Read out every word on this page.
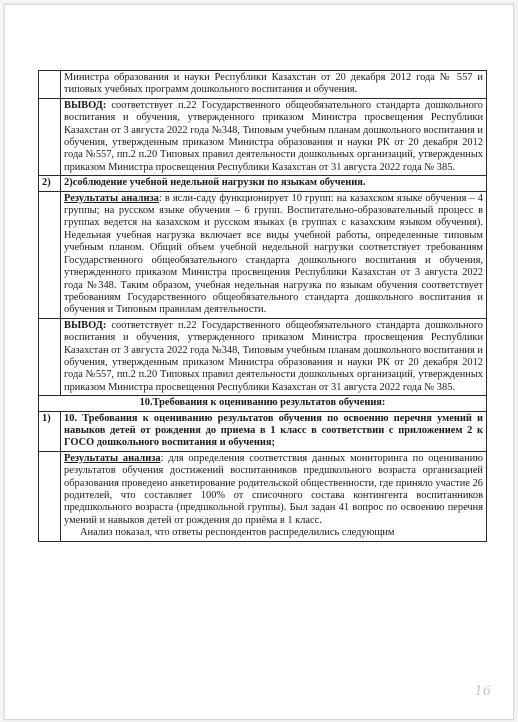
	Министра образования и науки Республики Казахстан от 20 декабря 2012 года № 557 и типовых учебных программ дошкольного воспитания и обучения.
	ВЫВОД: соответствует п.22 Государственного общеобязательного стандарта дошкольного воспитания и обучения, утвержденного приказом Министра просвещения Республики Казахстан от 3 августа 2022 года №348, Типовым учебным планам дошкольного воспитания и обучения, утвержденным приказом Министра образования и науки РК от 20 декабря 2012 года №557, пп.2 п.20 Типовых правил деятельности дошкольных организаций, утвержденных приказом Министра просвещения Республики Казахстан от 31 августа 2022 года № 385.
2)	2)соблюдение учебной недельной нагрузки по языкам обучения.
	Результаты анализа: в ясли-саду функционирует 10 групп: на казахском языке обучения – 4 группы; на русском языке обучения – 6 групп. Воспитательно-образовательный процесс в группах ведется на казахском и русском языках (в группах с казахским языком обучения). Недельная учебная нагрузка включает все виды учебной работы, определенные типовым учебным планом. Общий объем учебной недельной нагрузки соответствует требованиям Государственного общеобязательного стандарта дошкольного воспитания и обучения, утвержденного приказом Министра просвещения Республики Казахстан от 3 августа 2022 года №348. Таким образом, учебная недельная нагрузка по языкам обучения соответствует требованиям Государственного общеобязательного стандарта дошкольного воспитания и обучения и Типовым правилам деятельности.
	ВЫВОД: соответствует п.22 Государственного общеобязательного стандарта дошкольного воспитания и обучения, утвержденного приказом Министра просвещения Республики Казахстан от 3 августа 2022 года №348, Типовым учебным планам дошкольного воспитания и обучения, утвержденным приказом Министра образования и науки РК от 20 декабря 2012 года №557, пп.2 п.20 Типовых правил деятельности дошкольных организаций, утвержденных приказом Министра просвещения Республики Казахстан от 31 августа 2022 года № 385.
10.Требования к оцениванию результатов обучения:	
1)	10. Требования к оцениванию результатов обучения по освоению перечня умений и навыков детей от рождения до приема в 1 класс в соответствии с приложением 2 к ГОСО дошкольного воспитания и обучения;

	Результаты анализа: для определения соответствия данных мониторинга по оцениванию результатов обучения достижений воспитанников предшкольного возраста организацией образования проведено анкетирование родительской общественности, где приняло участие 26 родителей, что составляет 100% от списочного состава контингента воспитанников предшкольного возраста (предшкольной группы). Был задан 41 вопрос по освоению перечня умений и навыков детей от рождения до приёма в 1 класс.
Анализ показал, что ответы респондентов распределились следующим
16
